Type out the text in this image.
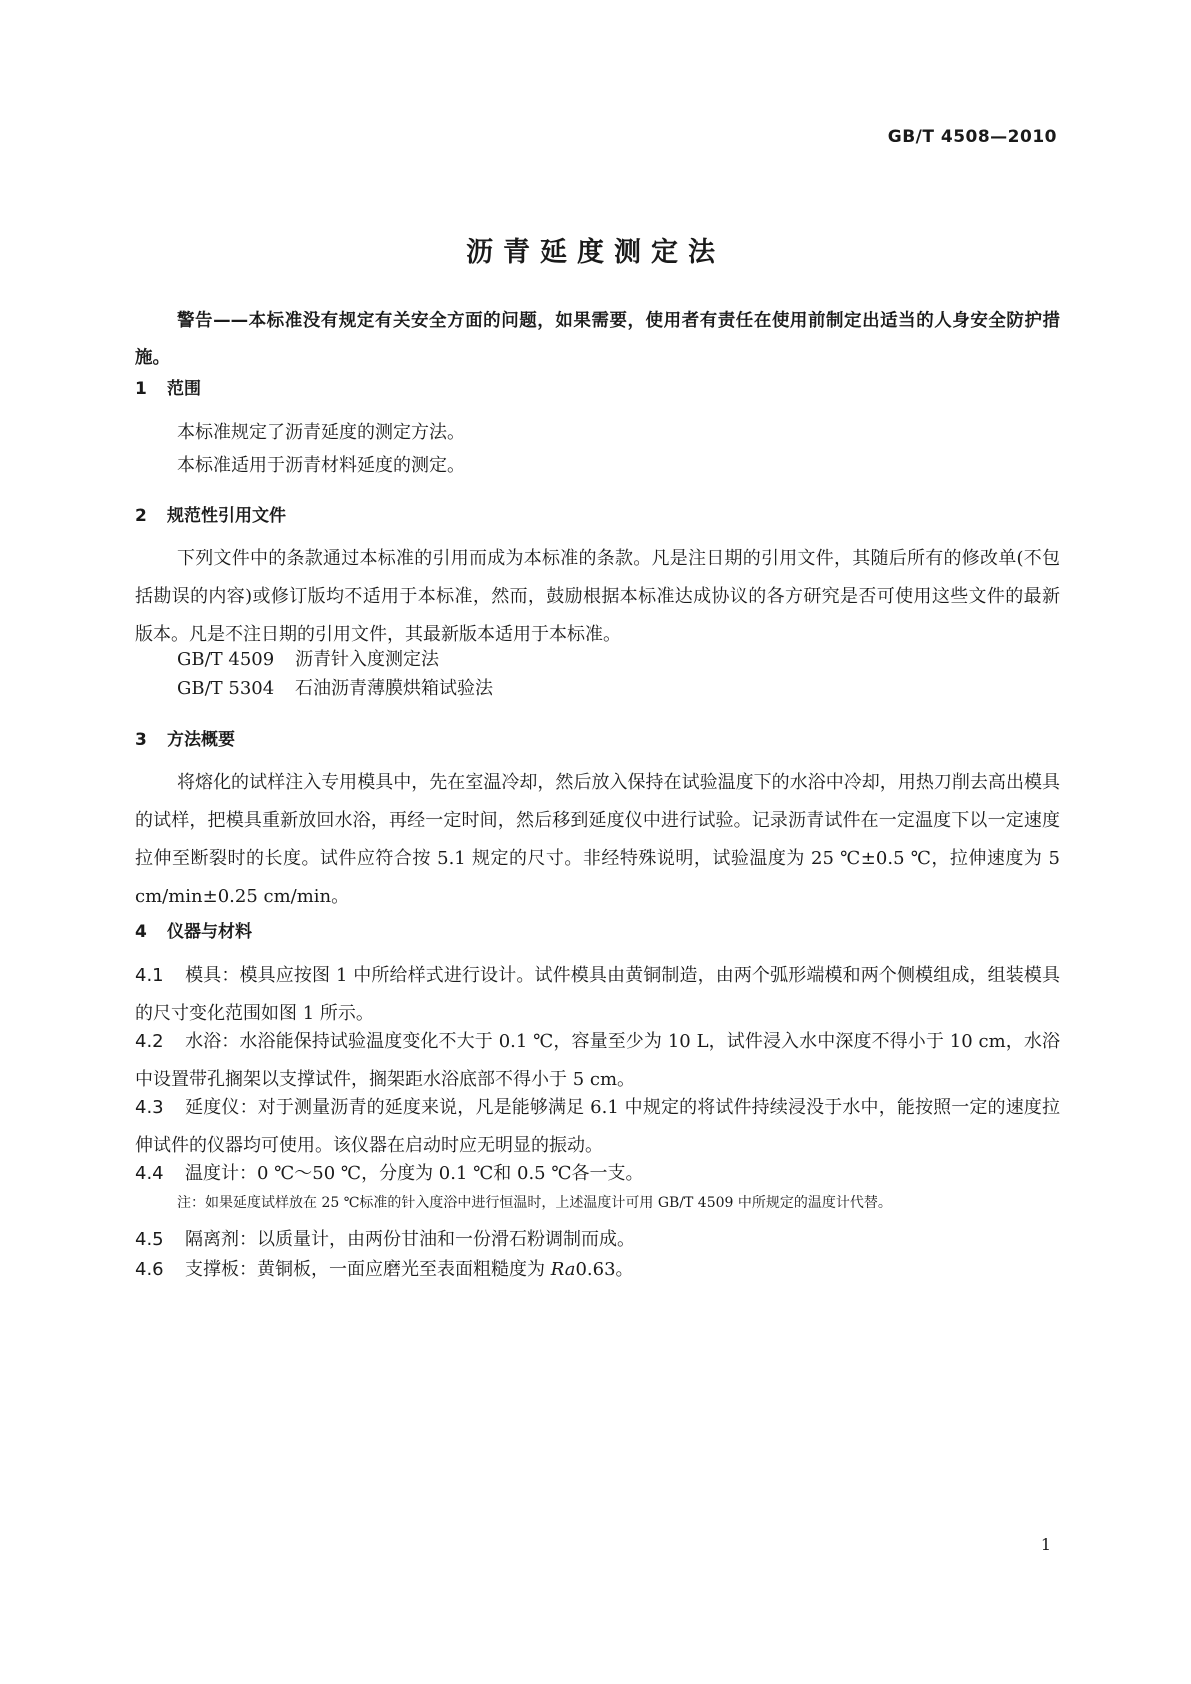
GB/T 4508—2010
沥青延度测定法
警告——本标准没有规定有关安全方面的问题，如果需要，使用者有责任在使用前制定出适当的人身安全防护措施。
1 范围
本标准规定了沥青延度的测定方法。
本标准适用于沥青材料延度的测定。
2 规范性引用文件
下列文件中的条款通过本标准的引用而成为本标准的条款。凡是注日期的引用文件，其随后所有的修改单(不包括勘误的内容)或修订版均不适用于本标准，然而，鼓励根据本标准达成协议的各方研究是否可使用这些文件的最新版本。凡是不注日期的引用文件，其最新版本适用于本标准。
GB/T 4509 沥青针入度测定法
GB/T 5304 石油沥青薄膜烘箱试验法
3 方法概要
将熔化的试样注入专用模具中，先在室温冷却，然后放入保持在试验温度下的水浴中冷却，用热刀削去高出模具的试样，把模具重新放回水浴，再经一定时间，然后移到延度仪中进行试验。记录沥青试件在一定温度下以一定速度拉伸至断裂时的长度。试件应符合按 5.1 规定的尺寸。非经特殊说明，试验温度为 25 ℃±0.5 ℃，拉伸速度为 5 cm/min±0.25 cm/min。
4 仪器与材料
4.1 模具：模具应按图 1 中所给样式进行设计。试件模具由黄铜制造，由两个弧形端模和两个侧模组成，组装模具的尺寸变化范围如图 1 所示。
4.2 水浴：水浴能保持试验温度变化不大于 0.1 ℃，容量至少为 10 L，试件浸入水中深度不得小于 10 cm，水浴中设置带孔搁架以支撑试件，搁架距水浴底部不得小于 5 cm。
4.3 延度仪：对于测量沥青的延度来说，凡是能够满足 6.1 中规定的将试件持续浸没于水中，能按照一定的速度拉伸试件的仪器均可使用。该仪器在启动时应无明显的振动。
4.4 温度计：0 ℃～50 ℃，分度为 0.1 ℃和 0.5 ℃各一支。
注：如果延度试样放在 25 ℃标准的针入度浴中进行恒温时，上述温度计可用 GB/T 4509 中所规定的温度计代替。
4.5 隔离剂：以质量计，由两份甘油和一份滑石粉调制而成。
4.6 支撑板：黄铜板，一面应磨光至表面粗糙度为 Ra0.63。
1
